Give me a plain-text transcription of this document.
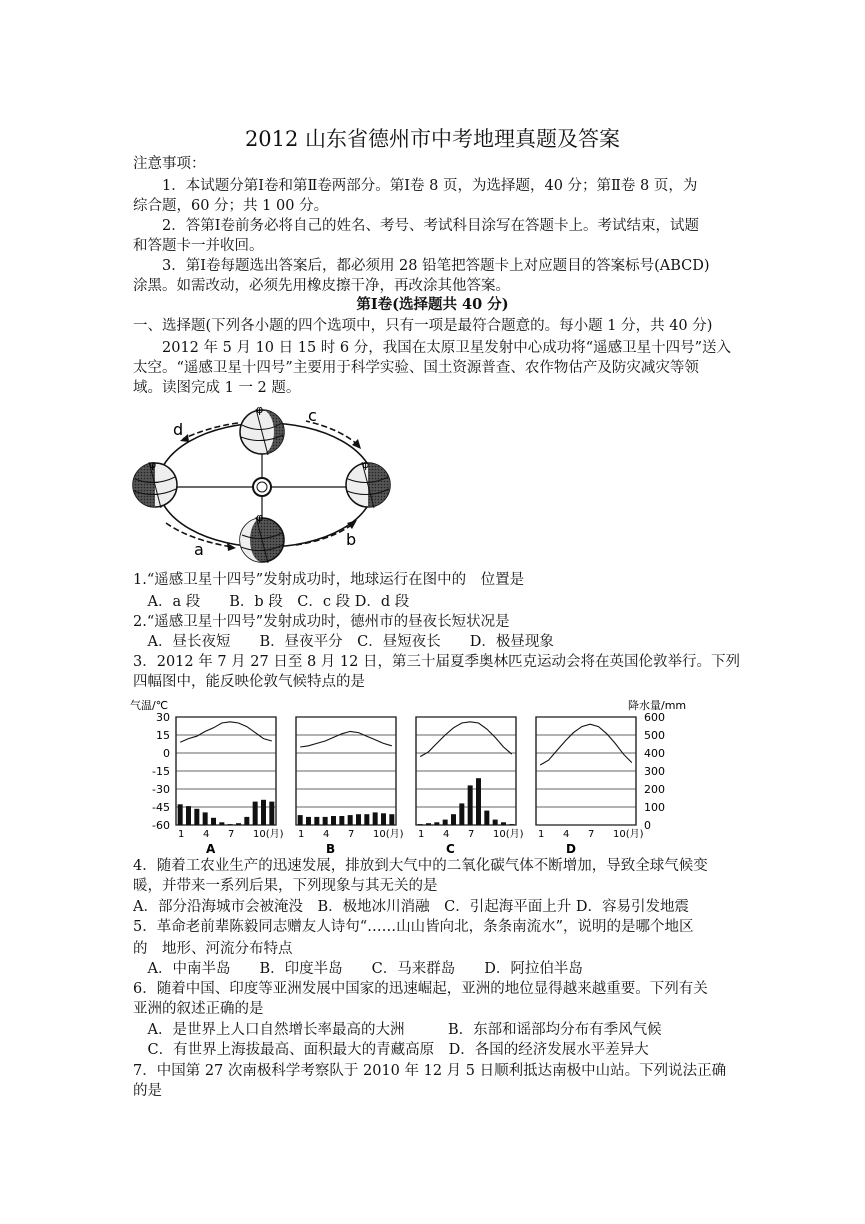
2012 山东省德州市中考地理真题及答案
注意事项：
　　1．本试题分第Ⅰ卷和第Ⅱ卷两部分。第Ⅰ卷 8 页，为选择题，40 分；第Ⅱ卷 8 页，为
综合题，60 分；共 1 00 分。
　　2．答第Ⅰ卷前务必将自己的姓名、考号、考试科目涂写在答题卡上。考试结束，试题
和答题卡一并收回。
　　3．第Ⅰ卷每题选出答案后，都必须用 28 铅笔把答题卡上对应题目的答案标号(ABCD)
涂黑。如需改动，必须先用橡皮擦干净，再改涂其他答案。
第Ⅰ卷(选择题共 40 分)
一、选择题(下列各小题的四个选项中，只有一项是最符合题意的。每小题 1 分，共 40 分)
　　2012 年 5 月 10 日 15 时 6 分，我国在太原卫星发射中心成功将“遥感卫星十四号”送入
太空。“遥感卫星十四号”主要用于科学实验、国土资源普查、农作物估产及防灾减灾等领
域。读图完成 1 一 2 题。
d
c
a
b
φ
φ
φ	φ
1.“遥感卫星十四号”发射成功时，地球运行在图中的　位置是
　A．a 段　　B．b 段　C．c 段 D．d 段
2.“遥感卫星十四号”发射成功时，德州市的昼夜长短状况是
　A．昼长夜短　　B．昼夜平分　C．昼短夜长　　D．极昼现象
3．2012 年 7 月 27 日至 8 月 12 日，第三十届夏季奥林匹克运动会将在英国伦敦举行。下列
四幅图中，能反映伦敦气候特点的是
气温/℃	降水量/mm
30
15
0
-15
-30
-45
-60
600
500
400
300
200
100
0
1 4 7 10(月)
A
1 4 7 10(月)
B
1 4 7 10(月)
C
1 4 7 10(月)
D
4．随着工农业生产的迅速发展，排放到大气中的二氧化碳气体不断增加，导致全球气候变
暖，并带来一系列后果，下列现象与其无关的是
A．部分沿海城市会被淹没　B．极地冰川消融　C．引起海平面上升 D．容易引发地震
5．革命老前辈陈毅同志赠友人诗句“……山山皆向北，条条南流水”，说明的是哪个地区
的　地形、河流分布特点
　A．中南半岛　　B．印度半岛　　C．马来群岛　　D．阿拉伯半岛
6．随着中国、印度等亚洲发展中国家的迅速崛起，亚洲的地位显得越来越重要。下列有关
亚洲的叙述正确的是
　A．是世界上人口自然增长率最高的大洲　　　B．东部和谣部均分布有季风气候
　C．有世界上海拔最高、面积最大的青藏高原　D．各国的经济发展水平差异大
7．中国第 27 次南极科学考察队于 2010 年 12 月 5 日顺利抵达南极中山站。下列说法正确
的是
